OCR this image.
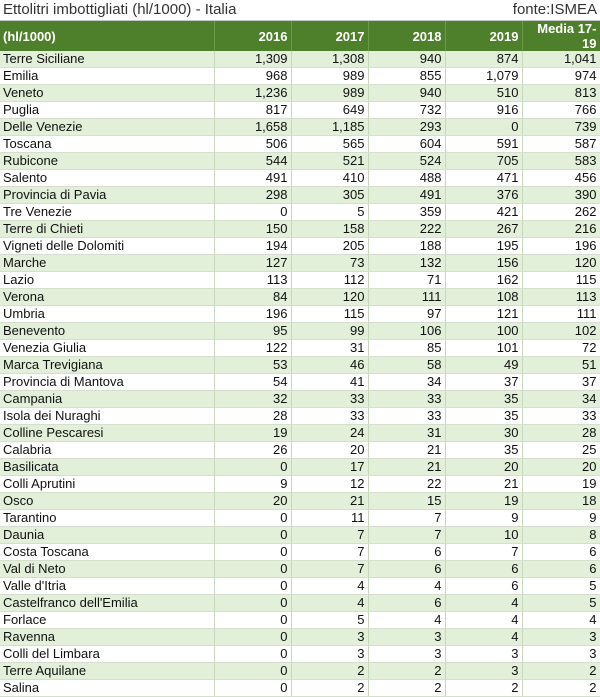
Ettolitri imbottigliati (hl/1000) - Italia	fonte:ISMEA
(hl/1000)	2016	2017	2018	2019	Media 17-19
Terre Siciliane	1,309	1,308	940	874	1,041
Emilia	968	989	855	1,079	974
Veneto	1,236	989	940	510	813
Puglia	817	649	732	916	766
Delle Venezie	1,658	1,185	293	0	739
Toscana	506	565	604	591	587
Rubicone	544	521	524	705	583
Salento	491	410	488	471	456
Provincia di Pavia	298	305	491	376	390
Tre Venezie	0	5	359	421	262
Terre di Chieti	150	158	222	267	216
Vigneti delle Dolomiti	194	205	188	195	196
Marche	127	73	132	156	120
Lazio	113	112	71	162	115
Verona	84	120	111	108	113
Umbria	196	115	97	121	111
Benevento	95	99	106	100	102
Venezia Giulia	122	31	85	101	72
Marca Trevigiana	53	46	58	49	51
Provincia di Mantova	54	41	34	37	37
Campania	32	33	33	35	34
Isola dei Nuraghi	28	33	33	35	33
Colline Pescaresi	19	24	31	30	28
Calabria	26	20	21	35	25
Basilicata	0	17	21	20	20
Colli Aprutini	9	12	22	21	19
Osco	20	21	15	19	18
Tarantino	0	11	7	9	9
Daunia	0	7	7	10	8
Costa Toscana	0	7	6	7	6
Val di Neto	0	7	6	6	6
Valle d'Itria	0	4	4	6	5
Castelfranco dell'Emilia	0	4	6	4	5
Forlace	0	5	4	4	4
Ravenna	0	3	3	4	3
Colli del Limbara	0	3	3	3	3
Terre Aquilane	0	2	2	3	2
Salina	0	2	2	2	2
